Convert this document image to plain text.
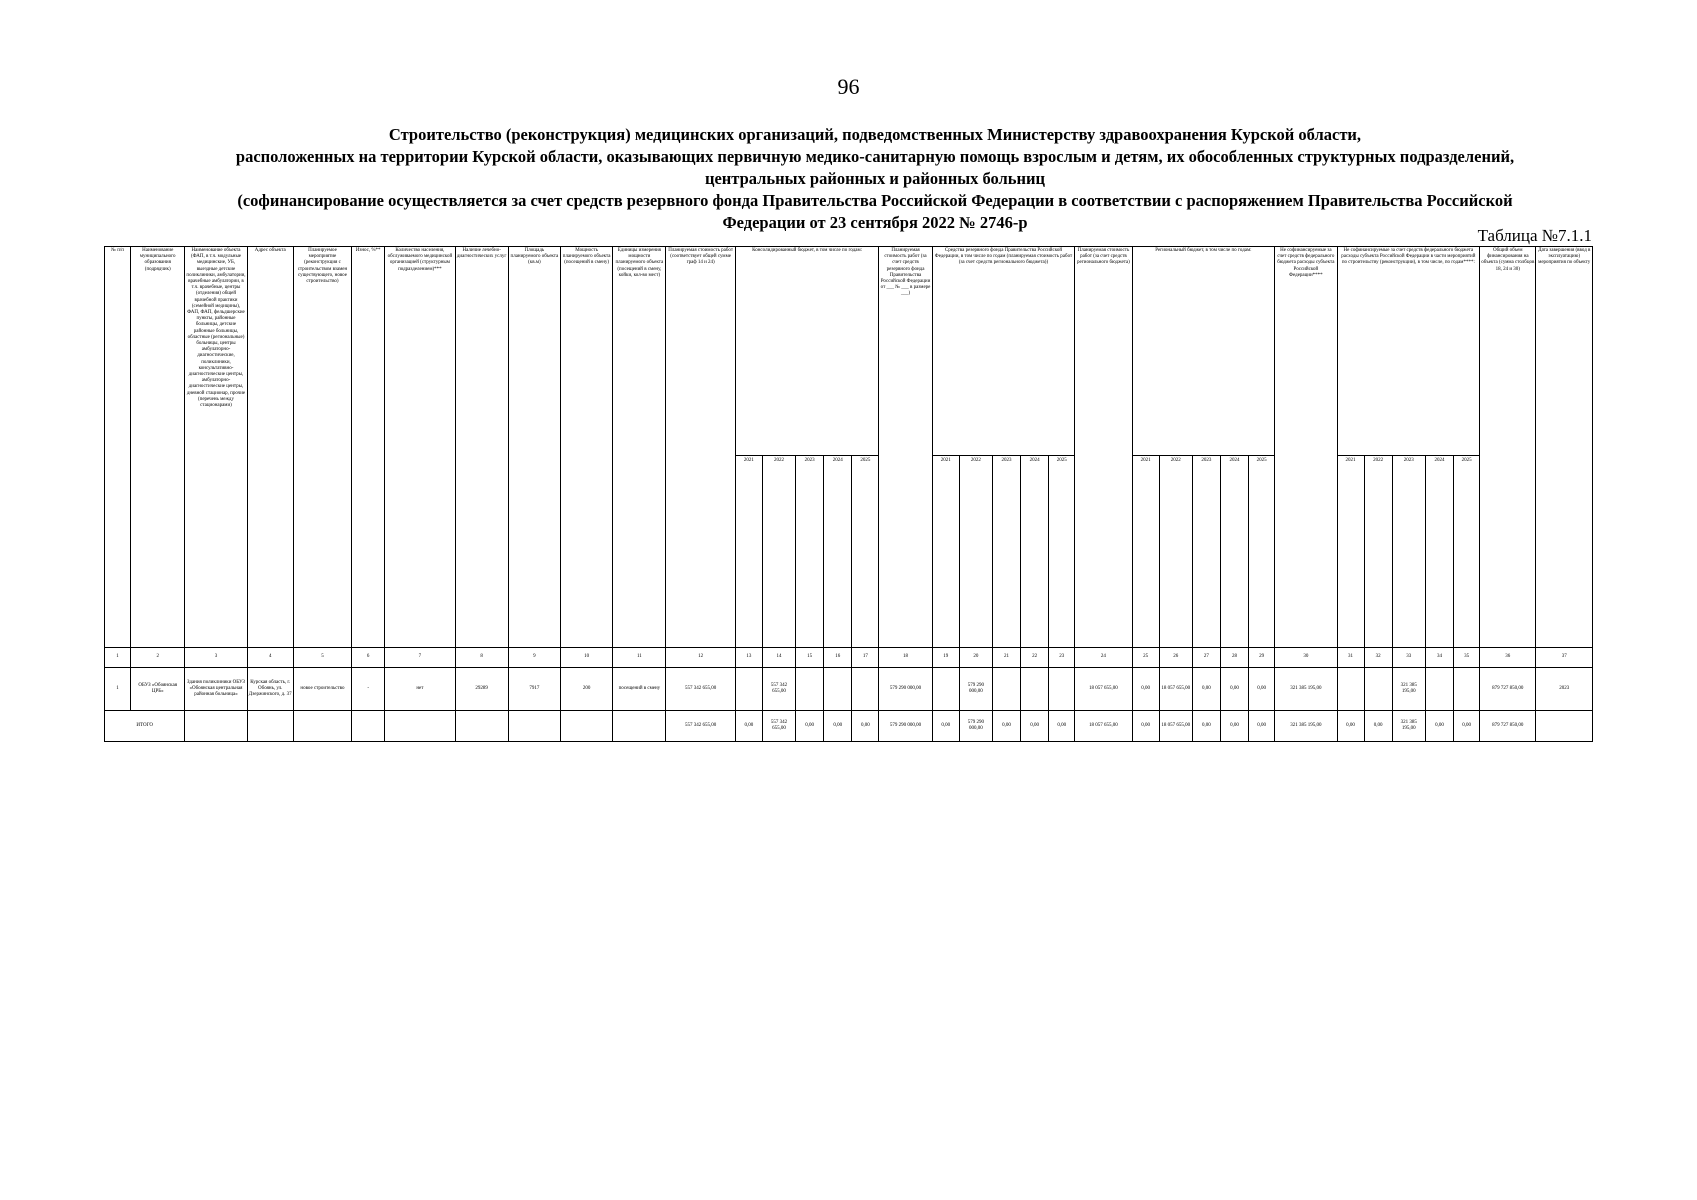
96
Строительство (реконструкция) медицинских организаций, подведомственных Министерству здравоохранения Курской области,
расположенных на территории Курской области, оказывающих первичную медико-санитарную помощь взрослым и детям, их обособленных структурных подразделений,
центральных районных и районных больниц
(софинансирование осуществляется за счет средств резервного фонда Правительства Российской Федерации в соответствии с распоряжением Правительства Российской
Федерации от 23 сентября 2022 № 2746-р
Таблица №7.1.1
№ п/п	Наименование муниципального образования (подрядчик)	Наименование объекта (ФАП, в т.ч. модульные медицинские, УБ, выездные детские поликлиники, амбулатории, врачебные амбулатории, в т.ч. врачебные, центры (отделения) общей врачебной практики (семейной медицины), ФАП, ФАП, фельдшерские пункты, районные больницы, детские районные больницы, областные (региональные) больницы, центры амбулаторно-диагностические, поликлиники, консультативно-диагностические центры, амбулаторно-диагностические центры, дневной стационар, прочие (перечень между стационарами)	Адрес объекта	Планируемое мероприятие (реконструкция с строительством взамен существующего, новое строительство)	Износ, %**	Количество населения, обслуживаемого медицинской организацией (структурным подразделением)***	Наличие лечебно-диагностических услуг	Площадь планируемого объекта (кв.м)	Мощность планируемого объекта (посещений в смену)	Единицы измерения мощности планируемого объекта (посещений в смену, койки, кол-во мест)	Планируемая стоимость работ (соответствует общей сумме граф 14 и 24)	Консолидированный бюджет, в том числе по годам:					Планируемая стоимость работ (за счет средств резервного фонда Правительства Российской Федерации от ___ № ___ в размере ___)	Средства резервного фонда Правительства Российской Федерации, в том числе по годам (планируемая стоимость работ (за счет средств регионального бюджета))					Планируемая стоимость работ (за счет средств регионального бюджета)	Региональный бюджет, в том числе по годам:					Не софинансируемые за счет средств федерального бюджета расходы субъекта Российской Федерации****	Не софинансируемые за счет средств федерального бюджета расходы субъекта Российской Федерации в части мероприятий по строительству (реконструкции), в том числе, по годам****:					Общий объем финансирования на объекта (сумма столбцов 18, 24 и 30)	Дата завершения (ввод в эксплуатацию) мероприятия по объекту
												2021	2022	2023	2024	2025		2021	2022	2023	2024	2025		2021	2022	2023	2024	2025		2021	2022	2023	2024	2025		
1	2	3	4	5	6	7	8	9	10	11	12	13	14	15	16	17	18	19	20	21	22	23	24	25	26	27	28	29	30	31	32	33	34	35	36	37
1	ОБУЗ «Обоянская ЦРБ»	Здания поликлиники ОБУЗ «Обоянская центральная районная больница»	Курская область, г. Обоянь, ул. Дзержинского, д. 37	новое строительство	-	нет	29289	7917	200	посещений в смену	557 342 655,00		557 342 655,00				579 290 000,00		579 290 000,00				18 057 655,00	0,00	18 057 655,00	0,00	0,00	0,00	321 385 195,00			321 385 195,00			879 727 850,00	2023
ИТОГО											557 342 655,00	0,00	557 342 655,00	0,00	0,00	0,00	579 290 000,00	0,00	579 290 000,00	0,00	0,00	0,00	18 057 655,00	0,00	18 057 655,00	0,00	0,00	0,00	321 385 195,00	0,00	0,00	321 385 195,00	0,00	0,00	879 727 850,00	
